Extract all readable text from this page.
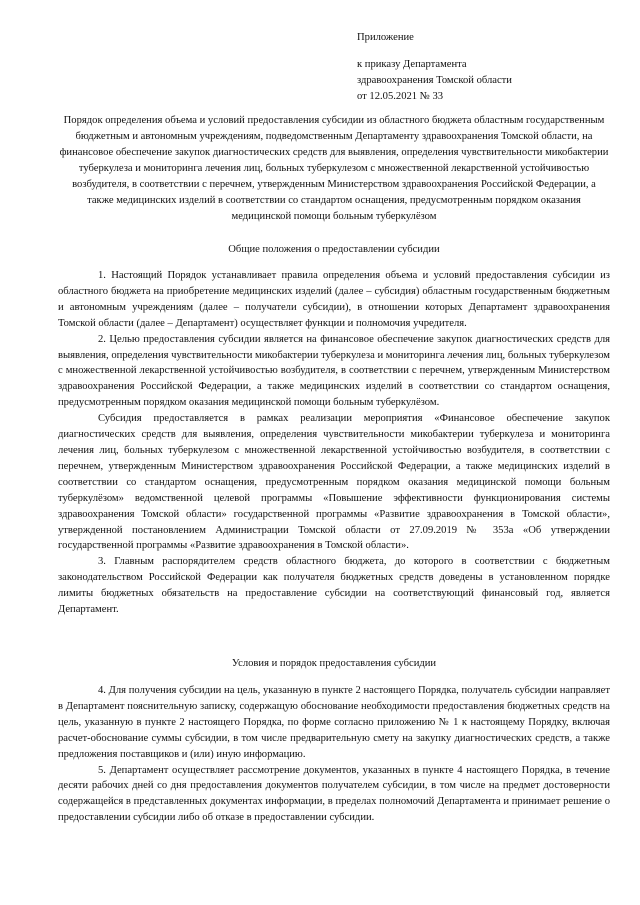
Приложение
к приказу Департамента
здравоохранения Томской области
от 12.05.2021 № 33

Порядок определения объема и условий предоставления субсидии из областного бюджета областным государственным бюджетным и автономным учреждениям, подведомственным Департаменту здравоохранения Томской области, на финансовое обеспечение закупок диагностических средств для выявления, определения чувствительности микобактерии туберкулеза и мониторинга лечения лиц, больных туберкулезом с множественной лекарственной устойчивостью возбудителя, в соответствии с перечнем, утвержденным Министерством здравоохранения Российской Федерации, а также медицинских изделий в соответствии со стандартом оснащения, предусмотренным порядком оказания медицинской помощи больным туберкулёзом

Общие положения о предоставлении субсидии

1. Настоящий Порядок устанавливает правила определения объема и условий предоставления субсидии из областного бюджета на приобретение медицинских изделий (далее – субсидия) областным государственным бюджетным и автономным учреждениям (далее – получатели субсидии), в отношении которых Департамент здравоохранения Томской области (далее – Департамент) осуществляет функции и полномочия учредителя.

2. Целью предоставления субсидии является на финансовое обеспечение закупок диагностических средств для выявления, определения чувствительности микобактерии туберкулеза и мониторинга лечения лиц, больных туберкулезом с множественной лекарственной устойчивостью возбудителя, в соответствии с перечнем, утвержденным Министерством здравоохранения Российской Федерации, а также медицинских изделий в соответствии со стандартом оснащения, предусмотренным порядком оказания медицинской помощи больным туберкулёзом.

Субсидия предоставляется в рамках реализации мероприятия «Финансовое обеспечение закупок диагностических средств для выявления, определения чувствительности микобактерии туберкулеза и мониторинга лечения лиц, больных туберкулезом с множественной лекарственной устойчивостью возбудителя, в соответствии с перечнем, утвержденным Министерством здравоохранения Российской Федерации, а также медицинских изделий в соответствии со стандартом оснащения, предусмотренным порядком оказания медицинской помощи больным туберкулёзом» ведомственной целевой программы «Повышение эффективности функционирования системы здравоохранения Томской области» государственной программы «Развитие здравоохранения в Томской области», утвержденной постановлением Администрации Томской области от 27.09.2019 № 353а «Об утверждении государственной программы «Развитие здравоохранения в Томской области».

3. Главным распорядителем средств областного бюджета, до которого в соответствии с бюджетным законодательством Российской Федерации как получателя бюджетных средств доведены в установленном порядке лимиты бюджетных обязательств на предоставление субсидии на соответствующий финансовый год, является Департамент.

Условия и порядок предоставления субсидии

4. Для получения субсидии на цель, указанную в пункте 2 настоящего Порядка, получатель субсидии направляет в Департамент пояснительную записку, содержащую обоснование необходимости предоставления бюджетных средств на цель, указанную в пункте 2 настоящего Порядка, по форме согласно приложению № 1 к настоящему Порядку, включая расчет-обоснование суммы субсидии, в том числе предварительную смету на закупку диагностических средств, а также предложения поставщиков и (или) иную информацию.

5. Департамент осуществляет рассмотрение документов, указанных в пункте 4 настоящего Порядка, в течение десяти рабочих дней со дня предоставления документов получателем субсидии, в том числе на предмет достоверности содержащейся в представленных документах информации, в пределах полномочий Департамента и принимает решение о предоставлении субсидии либо об отказе в предоставлении субсидии.
